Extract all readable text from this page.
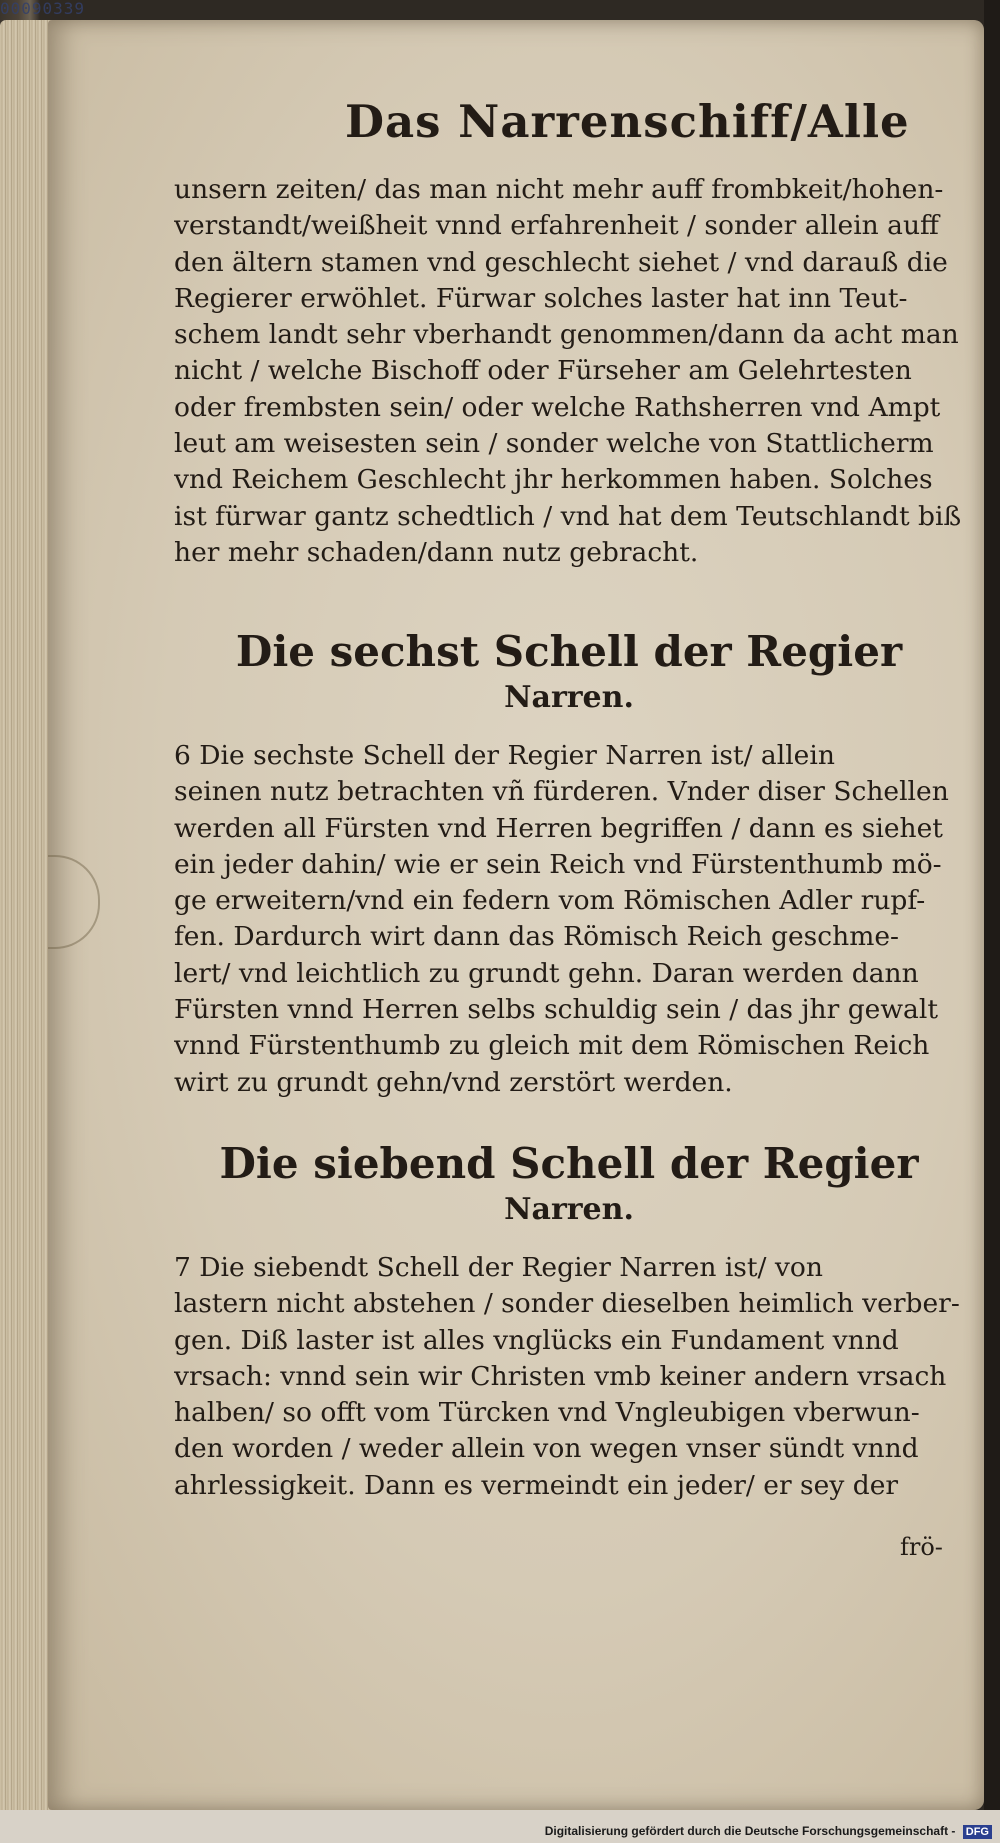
00090339
Das Narrenschiff/Alle
unsern zeiten/ das man nicht mehr auff frombkeit/hohen-
verstandt/weißheit vnnd erfahrenheit / sonder allein auff
den ältern stamen vnd geschlecht siehet / vnd darauß die
Regierer erwöhlet. Fürwar solches laster hat inn Teut-
schem landt sehr vberhandt genommen/dann da acht man
nicht / welche Bischoff oder Fürseher am Gelehrtesten
oder frembsten sein/ oder welche Rathsherren vnd Ampt
leut am weisesten sein / sonder welche von Stattlicherm
vnd Reichem Geschlecht jhr herkommen haben. Solches
ist fürwar gantz schedtlich / vnd hat dem Teutschlandt biß
her mehr schaden/dann nutz gebracht.
Die sechst Schell der Regier
Narren.
6 Die sechste Schell der Regier Narren ist/ allein
seinen nutz betrachten vñ fürderen. Vnder diser Schellen
werden all Fürsten vnd Herren begriffen / dann es siehet
ein jeder dahin/ wie er sein Reich vnd Fürstenthumb mö-
ge erweitern/vnd ein federn vom Römischen Adler rupf-
fen. Dardurch wirt dann das Römisch Reich geschme-
lert/ vnd leichtlich zu grundt gehn. Daran werden dann
Fürsten vnnd Herren selbs schuldig sein / das jhr gewalt
vnnd Fürstenthumb zu gleich mit dem Römischen Reich
wirt zu grundt gehn/vnd zerstört werden.
Die siebend Schell der Regier
Narren.
7 Die siebendt Schell der Regier Narren ist/ von
lastern nicht abstehen / sonder dieselben heimlich verber-
gen. Diß laster ist alles vnglücks ein Fundament vnnd
vrsach: vnnd sein wir Christen vmb keiner andern vrsach
halben/ so offt vom Türcken vnd Vngleubigen vberwun-
den worden / weder allein von wegen vnser sündt vnnd
ahrlessigkeit. Dann es vermeindt ein jeder/ er sey der
frö-
Digitalisierung gefördert durch die Deutsche Forschungsgemeinschaft - DFG
